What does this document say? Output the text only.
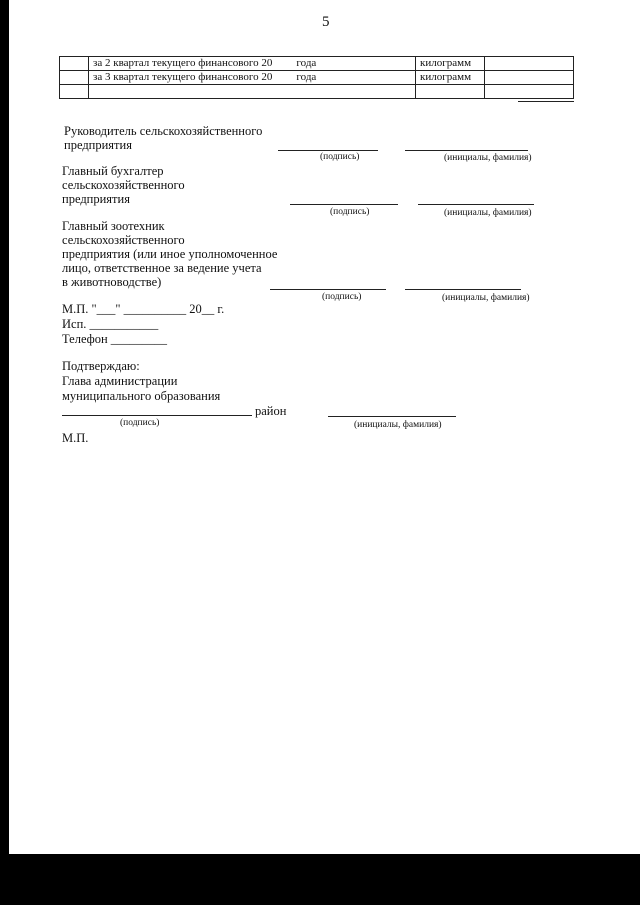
5
	за 2 квартал текущего финансового 20 года	килограмм	
	за 3 квартал текущего финансового 20 года	килограмм	

Руководитель сельскохозяйственного
предприятия
(подпись)	(инициалы, фамилия)
Главный бухгалтер
сельскохозяйственного
предприятия
(подпись)	(инициалы, фамилия)
Главный зоотехник
сельскохозяйственного
предприятия (или иное уполномоченное
лицо, ответственное за ведение учета
в животноводстве)
(подпись)	(инициалы, фамилия)
М.П. "___" __________ 20__ г.
Исп. ___________
Телефон _________
Подтверждаю:
Глава администрации
муниципального образования
район
(подпись)	(инициалы, фамилия)
М.П.
